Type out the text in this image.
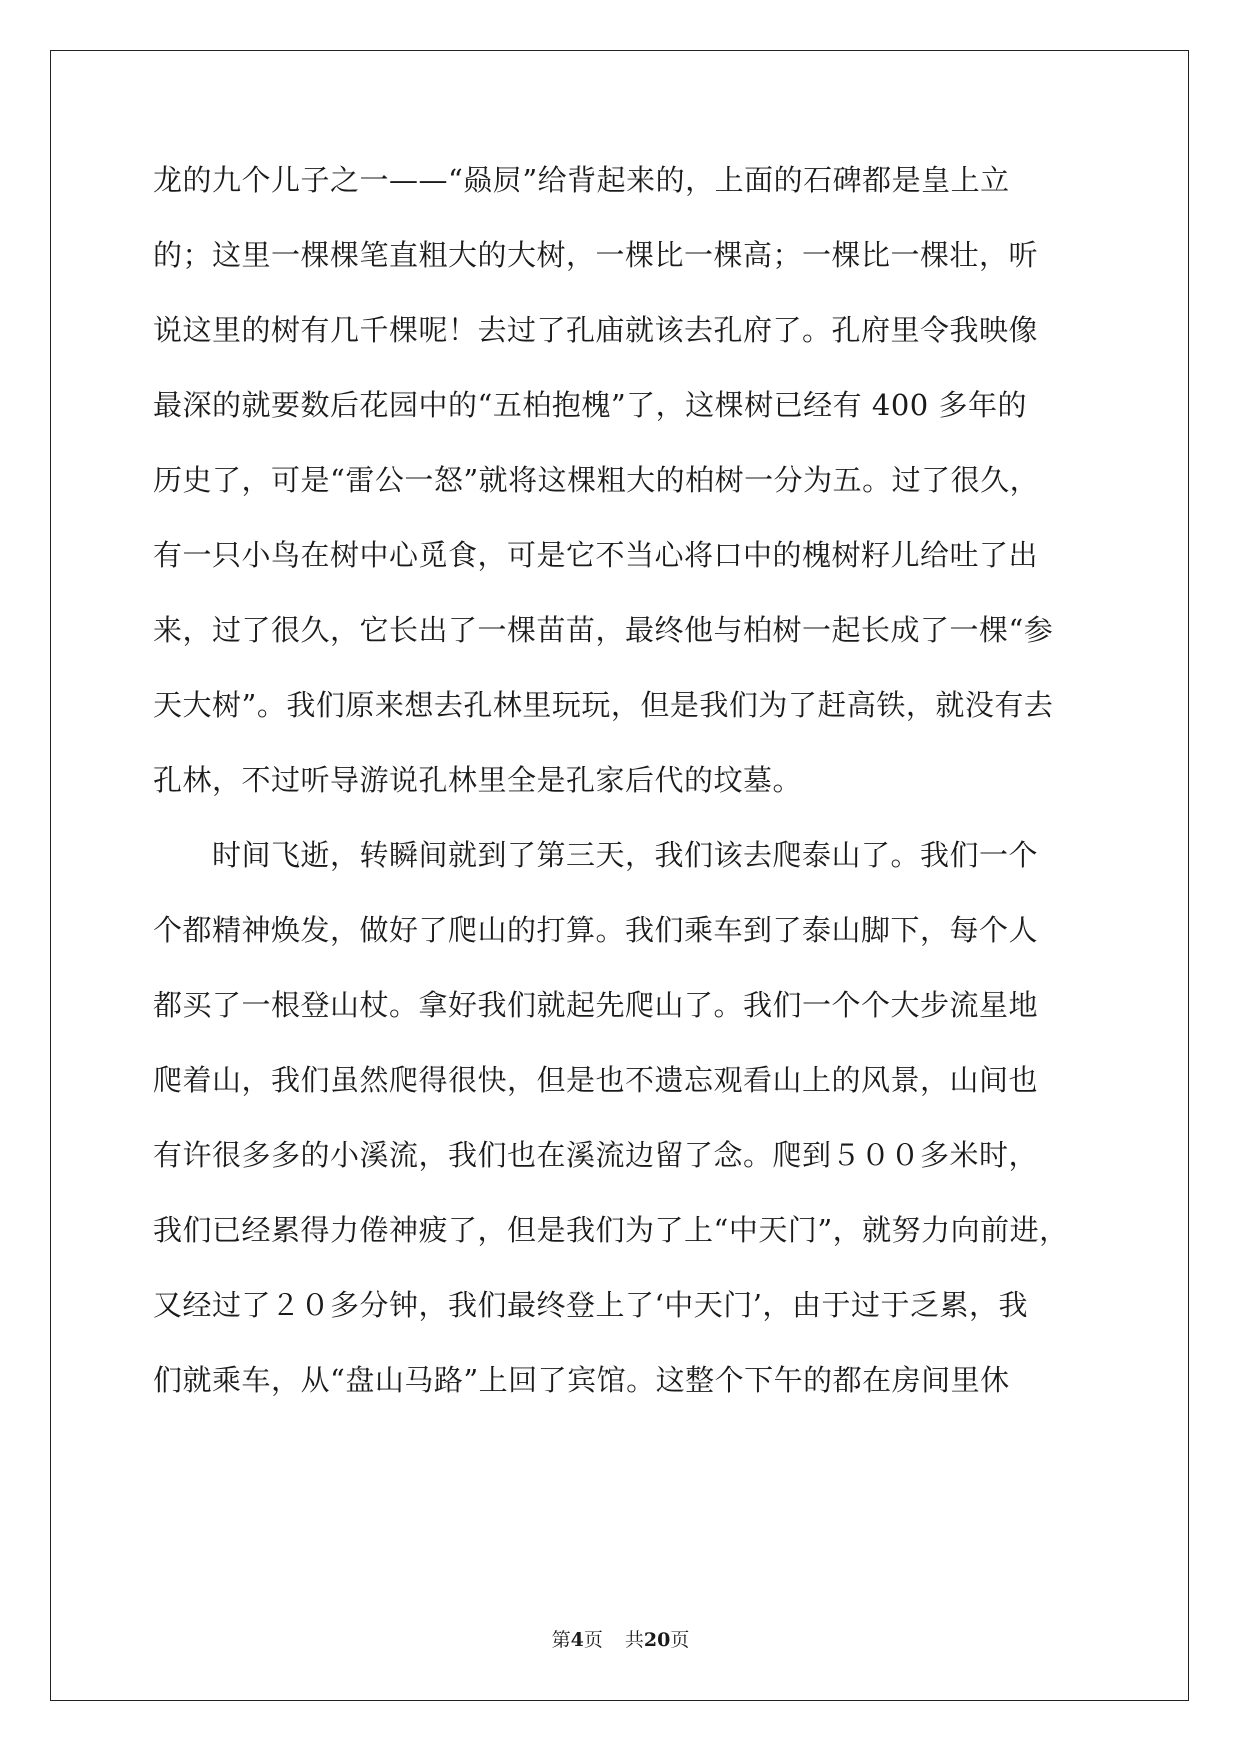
龙的九个儿子之一——“赑屃”给背起来的，上面的石碑都是皇上立
的；这里一棵棵笔直粗大的大树，一棵比一棵高；一棵比一棵壮，听
说这里的树有几千棵呢！去过了孔庙就该去孔府了。孔府里令我映像
最深的就要数后花园中的“五柏抱槐”了，这棵树已经有 400 多年的
历史了，可是“雷公一怒”就将这棵粗大的柏树一分为五。过了很久，
有一只小鸟在树中心觅食，可是它不当心将口中的槐树籽儿给吐了出
来，过了很久，它长出了一棵苗苗，最终他与柏树一起长成了一棵“参
天大树”。我们原来想去孔林里玩玩，但是我们为了赶高铁，就没有去
孔林，不过听导游说孔林里全是孔家后代的坟墓。
　　时间飞逝，转瞬间就到了第三天，我们该去爬泰山了。我们一个
个都精神焕发，做好了爬山的打算。我们乘车到了泰山脚下，每个人
都买了一根登山杖。拿好我们就起先爬山了。我们一个个大步流星地
爬着山，我们虽然爬得很快，但是也不遗忘观看山上的风景，山间也
有许很多多的小溪流，我们也在溪流边留了念。爬到５００多米时，
我们已经累得力倦神疲了，但是我们为了上“中天门”，就努力向前进，
又经过了２０多分钟，我们最终登上了‘中天门’，由于过于乏累，我
们就乘车，从“盘山马路”上回了宾馆。这整个下午的都在房间里休
第4页 共20页
